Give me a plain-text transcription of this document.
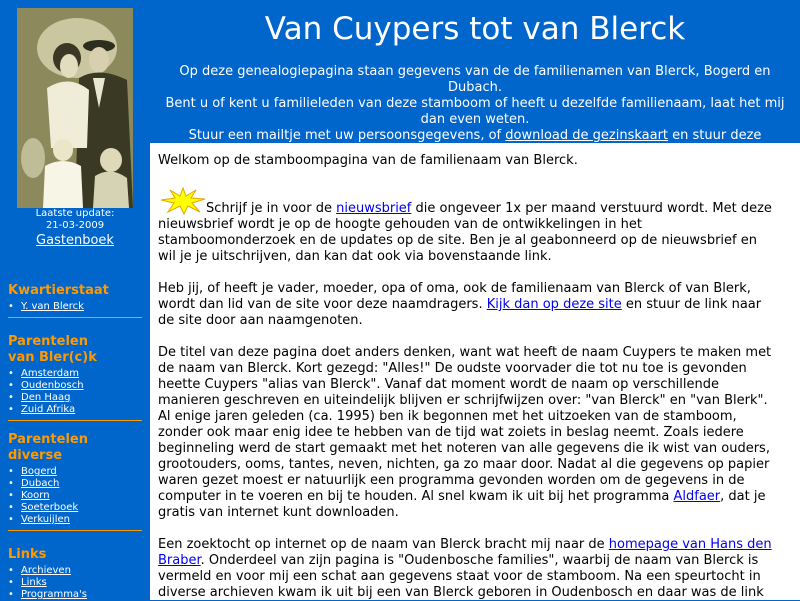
Laatste update:
21-03-2009
Gastenboek
Kwartierstaat
• Y. van Blerck
Parentelen
van Bler(c)k
• Amsterdam
• Oudenbosch
• Den Haag
• Zuid Afrika
Parentelen
diverse
• Bogerd
• Dubach
• Koorn
• Soeterboek
• Verkuijlen
Links
• Archieven
• Links
• Programma's
Van Cuypers tot van Blerck
Op deze genealogiepagina staan gegevens van de de familienamen van Blerck, Bogerd en Dubach.
Bent u of kent u familieleden van deze stamboom of heeft u dezelfde familienaam, laat het mij dan even weten.
Stuur een mailtje met uw persoonsgegevens, of download de gezinskaart en stuur deze

Welkom op de stamboompagina van de familienaam van Blerck.

Schrijf je in voor de nieuwsbrief die ongeveer 1x per maand verstuurd wordt. Met deze nieuwsbrief wordt je op de hoogte gehouden van de ontwikkelingen in het stamboomonderzoek en de updates op de site. Ben je al geabonneerd op de nieuwsbrief en wil je je uitschrijven, dan kan dat ook via bovenstaande link.

Heb jij, of heeft je vader, moeder, opa of oma, ook de familienaam van Blerck of van Blerk, wordt dan lid van de site voor deze naamdragers. Kijk dan op deze site en stuur de link naar de site door aan naamgenoten.

De titel van deze pagina doet anders denken, want wat heeft de naam Cuypers te maken met de naam van Blerck. Kort gezegd: "Alles!" De oudste voorvader die tot nu toe is gevonden heette Cuypers "alias van Blerck". Vanaf dat moment wordt de naam op verschillende manieren geschreven en uiteindelijk blijven er schrijfwijzen over: "van Blerck" en "van Blerk".

Al enige jaren geleden (ca. 1995) ben ik begonnen met het uitzoeken van de stamboom, zonder ook maar enig idee te hebben van de tijd wat zoiets in beslag neemt. Zoals iedere beginneling werd de start gemaakt met het noteren van alle gegevens die ik wist van ouders, grootouders, ooms, tantes, neven, nichten, ga zo maar door. Nadat al die gegevens op papier waren gezet moest er natuurlijk een programma gevonden worden om de gegevens in de computer in te voeren en bij te houden. Al snel kwam ik uit bij het programma Aldfaer, dat je gratis van internet kunt downloaden.

Een zoektocht op internet op de naam van Blerck bracht mij naar de homepage van Hans den Braber. Onderdeel van zijn pagina is "Oudenbosche families", waarbij de naam van Blerck is vermeld en voor mij een schat aan gegevens staat voor de stamboom. Na een speurtocht in diverse archieven kwam ik uit bij een van Blerck geboren in Oudenbosch en daar was de link
